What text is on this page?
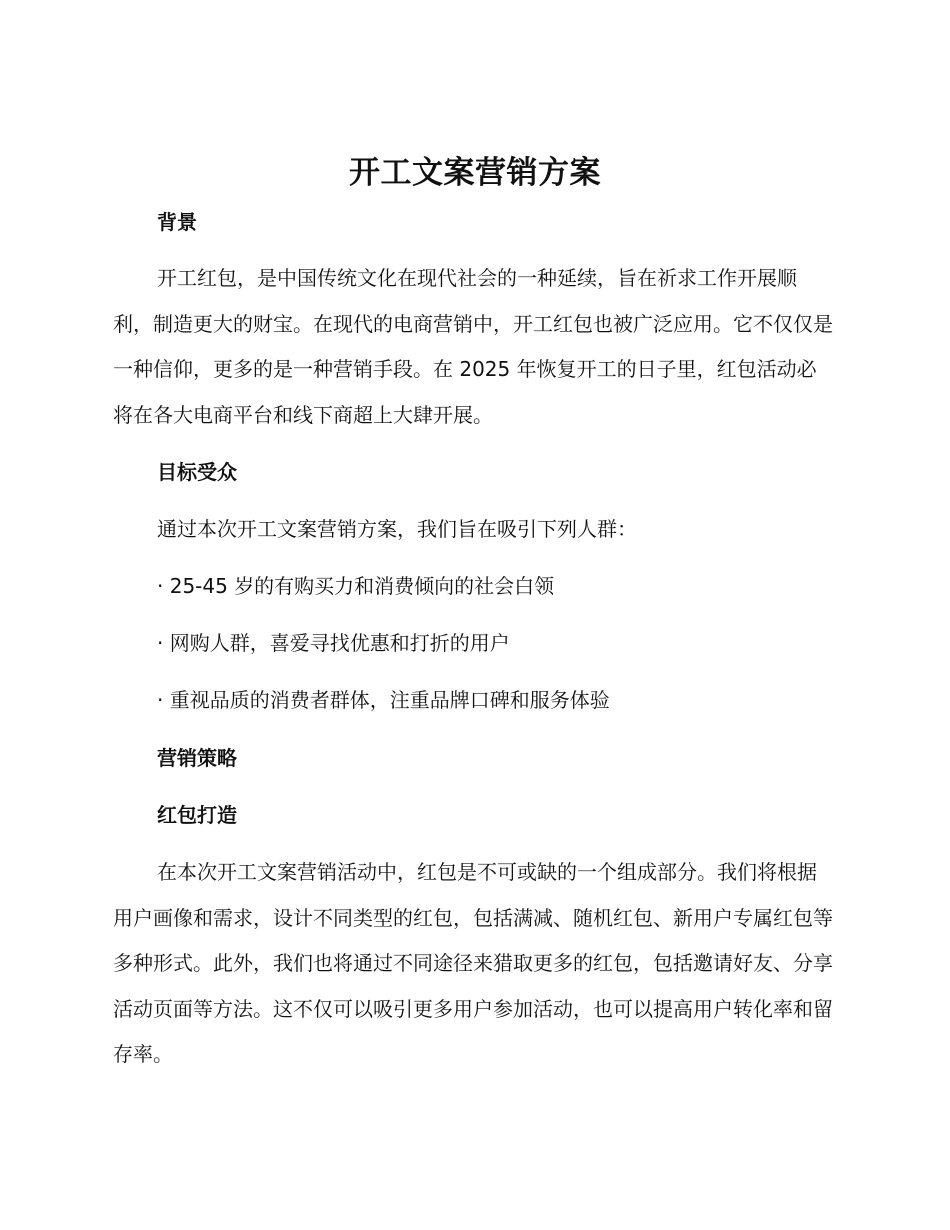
开工文案营销方案
背景
开工红包，是中国传统文化在现代社会的一种延续，旨在祈求工作开展顺利，制造更大的财宝。在现代的电商营销中，开工红包也被广泛应用。它不仅仅是一种信仰，更多的是一种营销手段。在 2025 年恢复开工的日子里，红包活动必将在各大电商平台和线下商超上大肆开展。
目标受众
通过本次开工文案营销方案，我们旨在吸引下列人群：
· 25-45 岁的有购买力和消费倾向的社会白领
· 网购人群，喜爱寻找优惠和打折的用户
· 重视品质的消费者群体，注重品牌口碑和服务体验
营销策略
红包打造
在本次开工文案营销活动中，红包是不可或缺的一个组成部分。我们将根据用户画像和需求，设计不同类型的红包，包括满减、随机红包、新用户专属红包等多种形式。此外，我们也将通过不同途径来猎取更多的红包，包括邀请好友、分享活动页面等方法。这不仅可以吸引更多用户参加活动，也可以提高用户转化率和留存率。
